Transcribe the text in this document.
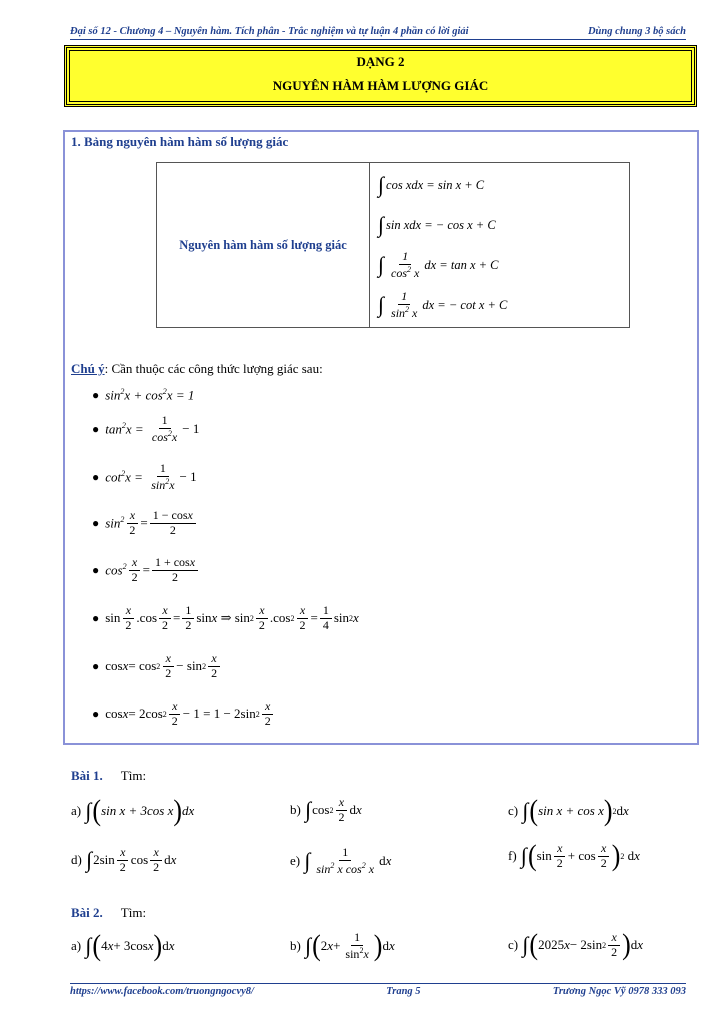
Đại số 12 - Chương 4 – Nguyên hàm. Tích phân - Trắc nghiệm và tự luận 4 phần có lời giải	Dùng chung 3 bộ sách
DẠNG 2
NGUYÊN HÀM HÀM LƯỢNG GIÁC
1. Bảng nguyên hàm hàm số lượng giác
Nguyên hàm hàm số lượng giác	
∫ cos xdx = sin x + C
∫ sin xdx = − cos x + C
∫ $\frac{1}{\cos^2 x}$ dx = tan x + C
∫ $\frac{1}{\sin^2 x}$ dx = − cot x + C
Chú ý: Cần thuộc các công thức lượng giác sau:
● $\sin^2x + \cos^2x = 1$
● $\tan^2x = \frac{1}{\cos^2x} - 1$
● $\cot^2x = \frac{1}{\sin^2x} - 1$
● $\sin^2 \frac{x}{2} = \frac{1 - \cos x}{2}$
● $\cos^2 \frac{x}{2} = \frac{1 + \cos x}{2}$
● $\sin \frac{x}{2} .\cos \frac{x}{2} = \frac{1}{2}$ sin x ⇒ $\sin 2 \frac{x}{2} .\cos$ $2 \frac{x}{2} = \frac{1}{4}$ sin 2 x
● $\cos x = \cos 2 \frac{x}{2} - \sin 2 \frac{x}{2}$
● cos x = 2cos $2 \frac{x}{2} - 1 = 1 - 2\sin$ $2 \frac{x}{2}$
Bài 1. Tìm:
a) ∫ ( sin x + 3cos x ) dx	b) ∫ $\cos 2 \frac{x}{2}$ d x	c) ∫ ( sin x + cos x ) 2 d x
d) ∫ $2\sin \frac{x}{2}$ $\cos \frac{x}{2}$ d x	e) ∫ $\frac{1}{\sin^2 x \cos^2 x}$ d x	f) ∫ ( $\sin \frac{x}{2} + \cos \frac{x}{2}$ ) 2 d x
Bài 2. Tìm:
a) ∫ ( 4 x + 3cos x ) d x	b) ∫ ( 2 $x + \frac{1}{\sin^2x}$ ) d x	c) ∫ ( 2025 x − 2sin $2 \frac{x}{2}$ ) d x
https://www.facebook.com/truongngocvy8/	Trang 5	Trương Ngọc Vỹ 0978 333 093
